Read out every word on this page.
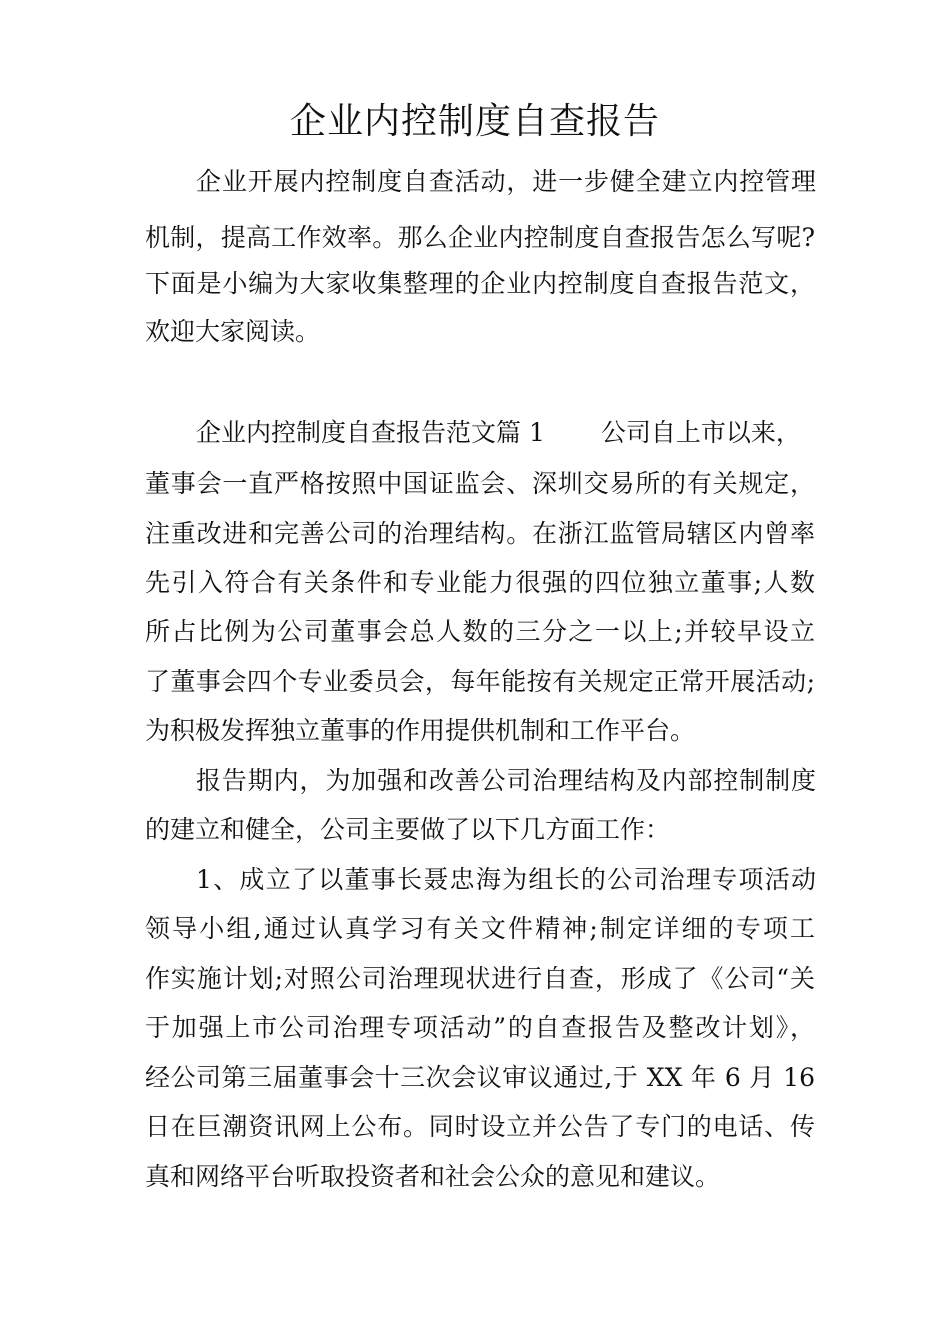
企业内控制度自查报告
企业开展内控制度自查活动，进一步健全建立内控管理
机制，提高工作效率。那么企业内控制度自查报告怎么写呢?
下面是小编为大家收集整理的企业内控制度自查报告范文，
欢迎大家阅读。
企业内控制度自查报告范文篇 1 公司自上市以来，
董事会一直严格按照中国证监会、深圳交易所的有关规定，
注重改进和完善公司的治理结构。在浙江监管局辖区内曾率
先引入符合有关条件和专业能力很强的四位独立董事;人数
所占比例为公司董事会总人数的三分之一以上;并较早设立
了董事会四个专业委员会，每年能按有关规定正常开展活动;
为积极发挥独立董事的作用提供机制和工作平台。
报告期内，为加强和改善公司治理结构及内部控制制度
的建立和健全，公司主要做了以下几方面工作：
1、成立了以董事长聂忠海为组长的公司治理专项活动
领导小组,通过认真学习有关文件精神;制定详细的专项工
作实施计划;对照公司治理现状进行自查，形成了《公司“关
于加强上市公司治理专项活动”的自查报告及整改计划》，
经公司第三届董事会十三次会议审议通过,于 XX 年 6 月 16
日在巨潮资讯网上公布。同时设立并公告了专门的电话、传
真和网络平台听取投资者和社会公众的意见和建议。
